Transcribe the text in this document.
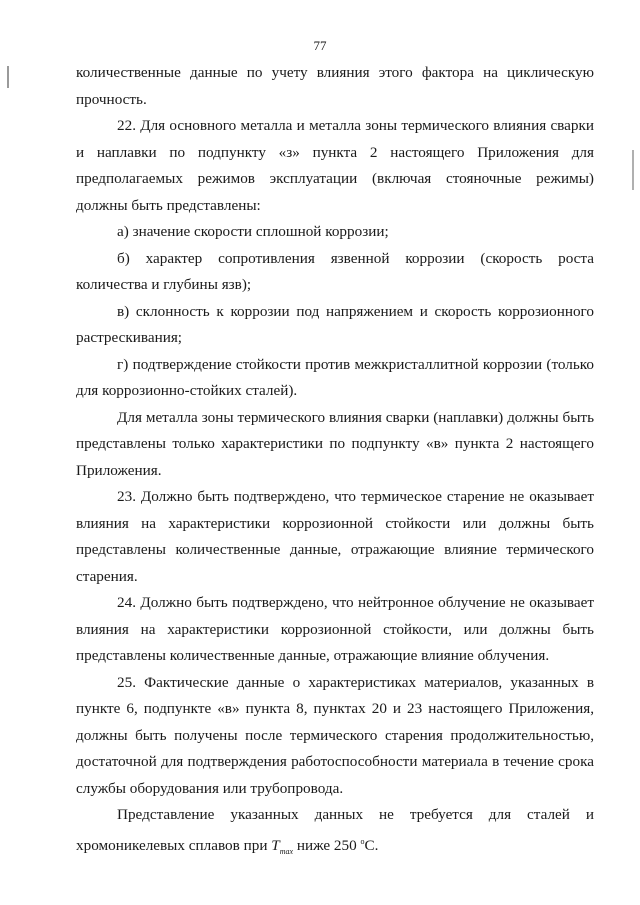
77

количественные данные по учету влияния этого фактора на циклическую прочность.

22. Для основного металла и металла зоны термического влияния сварки и наплавки по подпункту «з» пункта 2 настоящего Приложения для предполагаемых режимов эксплуатации (включая стояночные режимы) должны быть представлены:

а) значение скорости сплошной коррозии;

б) характер сопротивления язвенной коррозии (скорость роста количества и глубины язв);

в) склонность к коррозии под напряжением и скорость коррозионного растрескивания;

г) подтверждение стойкости против межкристаллитной коррозии (только для коррозионно-стойких сталей).

Для металла зоны термического влияния сварки (наплавки) должны быть представлены только характеристики по подпункту «в» пункта 2 настоящего Приложения.

23. Должно быть подтверждено, что термическое старение не оказывает влияния на характеристики коррозионной стойкости или должны быть представлены количественные данные, отражающие влияние термического старения.

24. Должно быть подтверждено, что нейтронное облучение не оказывает влияния на характеристики коррозионной стойкости, или должны быть представлены количественные данные, отражающие влияние облучения.

25. Фактические данные о характеристиках материалов, указанных в пункте 6, подпункте «в» пункта 8, пунктах 20 и 23 настоящего Приложения, должны быть получены после термического старения продолжительностью, достаточной для подтверждения работоспособности материала в течение срока службы оборудования или трубопровода.

Представление указанных данных не требуется для сталей и

хромоникелевых сплавов при $T_{max}$ ниже 250 $^o$С.
